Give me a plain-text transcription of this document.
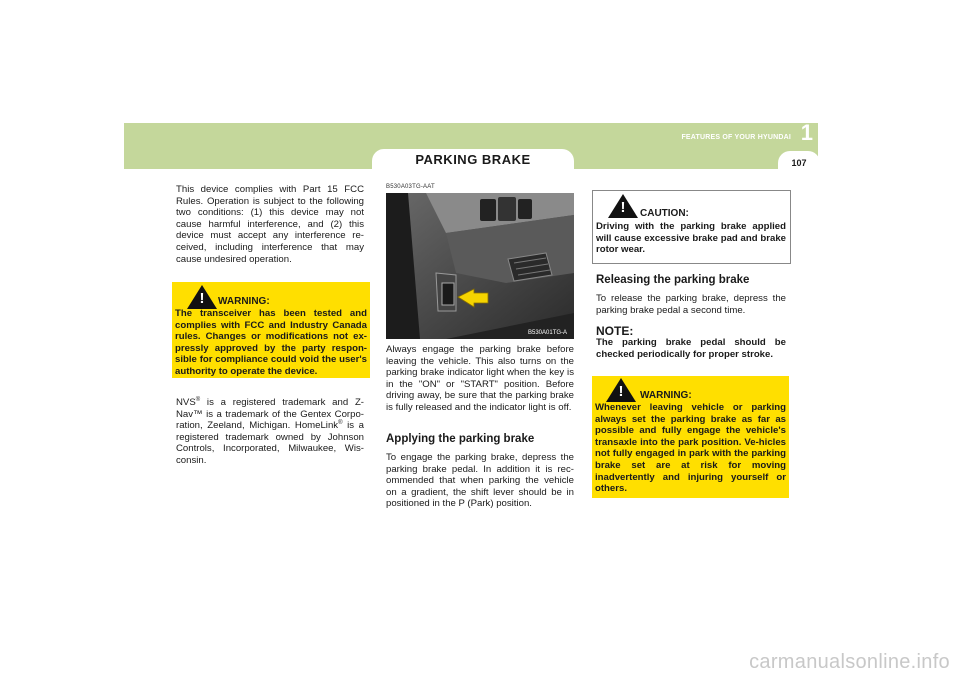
1
FEATURES OF YOUR HYUNDAI
107
PARKING BRAKE
This device complies with Part 15 FCC Rules. Operation is subject to the following two conditions: (1) this device may not cause harmful interference, and (2) this device must accept any interference re-ceived, including interference that may cause undesired operation.
! WARNING:
The transceiver has been tested and complies with FCC and Industry Canada rules. Changes or modifications not ex-pressly approved by the party respon-sible for compliance could void the user's authority to operate the device.
NVS® is a registered trademark and Z-Nav™ is a trademark of the Gentex Corpo-ration, Zeeland, Michigan. HomeLink® is a registered trademark owned by Johnson Controls, Incorporated, Milwaukee, Wis-consin.
B530A03TG-AAT
B530A01TG-A
Always engage the parking brake before leaving the vehicle. This also turns on the parking brake indicator light when the key is in the "ON" or "START" position. Before driving away, be sure that the parking brake is fully released and the indicator light is off.
Applying the parking brake
To engage the parking brake, depress the parking brake pedal. In addition it is rec-ommended that when parking the vehicle on a gradient, the shift lever should be in positioned in the P (Park) position.
! CAUTION:
Driving with the parking brake applied will cause excessive brake pad and brake rotor wear.
Releasing the parking brake
To release the parking brake, depress the parking brake pedal a second time.
NOTE:
The parking brake pedal should be checked periodically for proper stroke.
! WARNING:
Whenever leaving vehicle or parking always set the parking brake as far as possible and fully engage the vehicle's transaxle into the park position. Ve-hicles not fully engaged in park with the parking brake set are at risk for moving inadvertently and injuring yourself or others.
carmanualsonline.info
